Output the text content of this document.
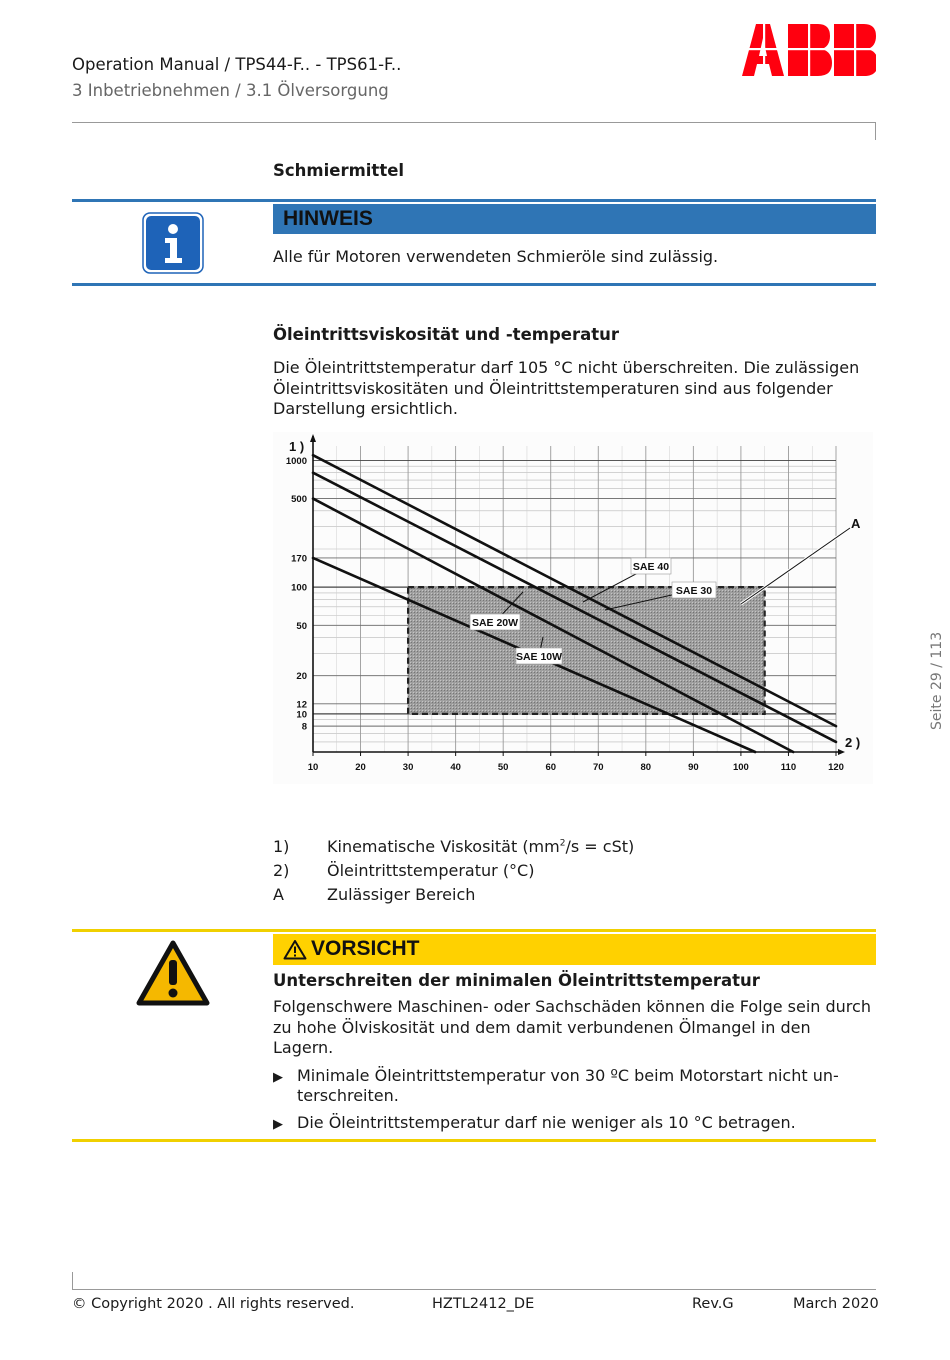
Operation Manual / TPS44-F.. - TPS61-F..
3 Inbetriebnehmen / 3.1 Ölversorgung
Schmiermittel
HINWEIS
Alle für Motoren verwendeten Schmieröle sind zulässig.
Öleintrittsviskosität und -temperatur
Die Öleintrittstemperatur darf 105 °C nicht überschreiten. Die zulässigen Öleintrittsviskositäten und Öleintrittstemperaturen sind aus folgender Darstellung ersichtlich.
SAE 10W
SAE 20W
SAE 30
SAE 40
A
1000
500
170
100
50
20
12
10
8
10	20	30	40	50	60	70	80	90	100	110	120
1 )
2 )
1) Kinematische Viskosität $(mm^2/s = cSt)$
2) Öleintrittstemperatur (°C)
A	Zulässiger Bereich
VORSICHT
Unterschreiten der minimalen Öleintrittstemperatur
Folgenschwere Maschinen- oder Sachschäden können die Folge sein durch zu hohe Ölviskosität und dem damit verbundenen Ölmangel in den Lagern.
▶ Minimale Öleintrittstemperatur von 30 ºC beim Motorstart nicht un- terschreiten.
▶ Die Öleintrittstemperatur darf nie weniger als 10 °C betragen.
Seite 29 / 113
© Copyright 2020 . All rights reserved.	HZTL2412_DE	Rev.G	March 2020
